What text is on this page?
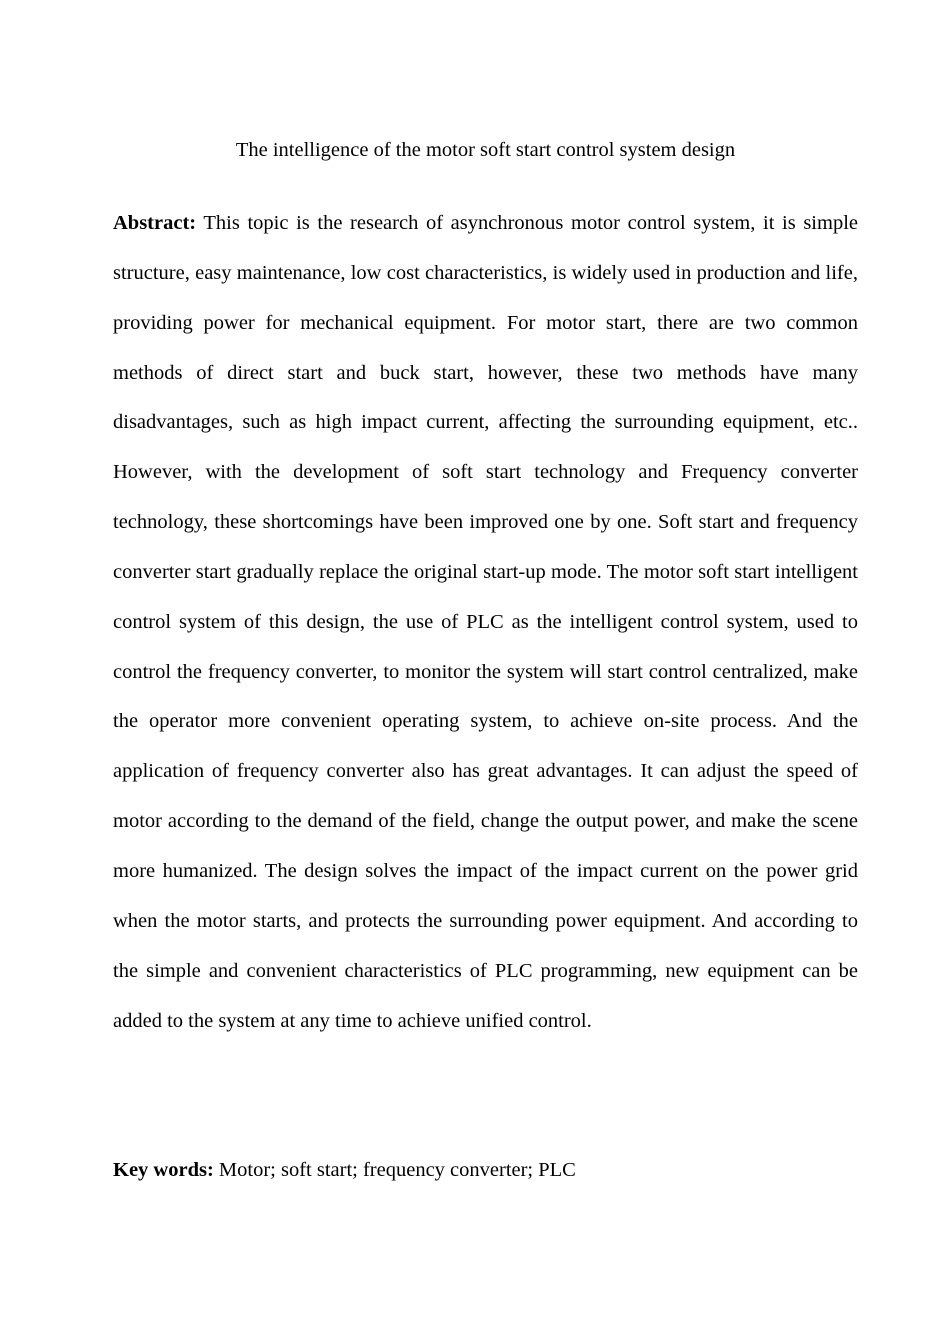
The intelligence of the motor soft start control system design

Abstract: This topic is the research of asynchronous motor control system, it is simple structure, easy maintenance, low cost characteristics, is widely used in production and life, providing power for mechanical equipment. For motor start, there are two common methods of direct start and buck start, however, these two methods have many disadvantages, such as high impact current, affecting the surrounding equipment, etc.. However, with the development of soft start technology and Frequency converter technology, these shortcomings have been improved one by one. Soft start and frequency converter start gradually replace the original start-up mode. The motor soft start intelligent control system of this design, the use of PLC as the intelligent control system, used to control the frequency converter, to monitor the system will start control centralized, make the operator more convenient operating system, to achieve on-site process. And the application of frequency converter also has great advantages. It can adjust the speed of motor according to the demand of the field, change the output power, and make the scene more humanized. The design solves the impact of the impact current on the power grid when the motor starts, and protects the surrounding power equipment. And according to the simple and convenient characteristics of PLC programming, new equipment can be added to the system at any time to achieve unified control.

Key words: Motor; soft start; frequency converter; PLC
